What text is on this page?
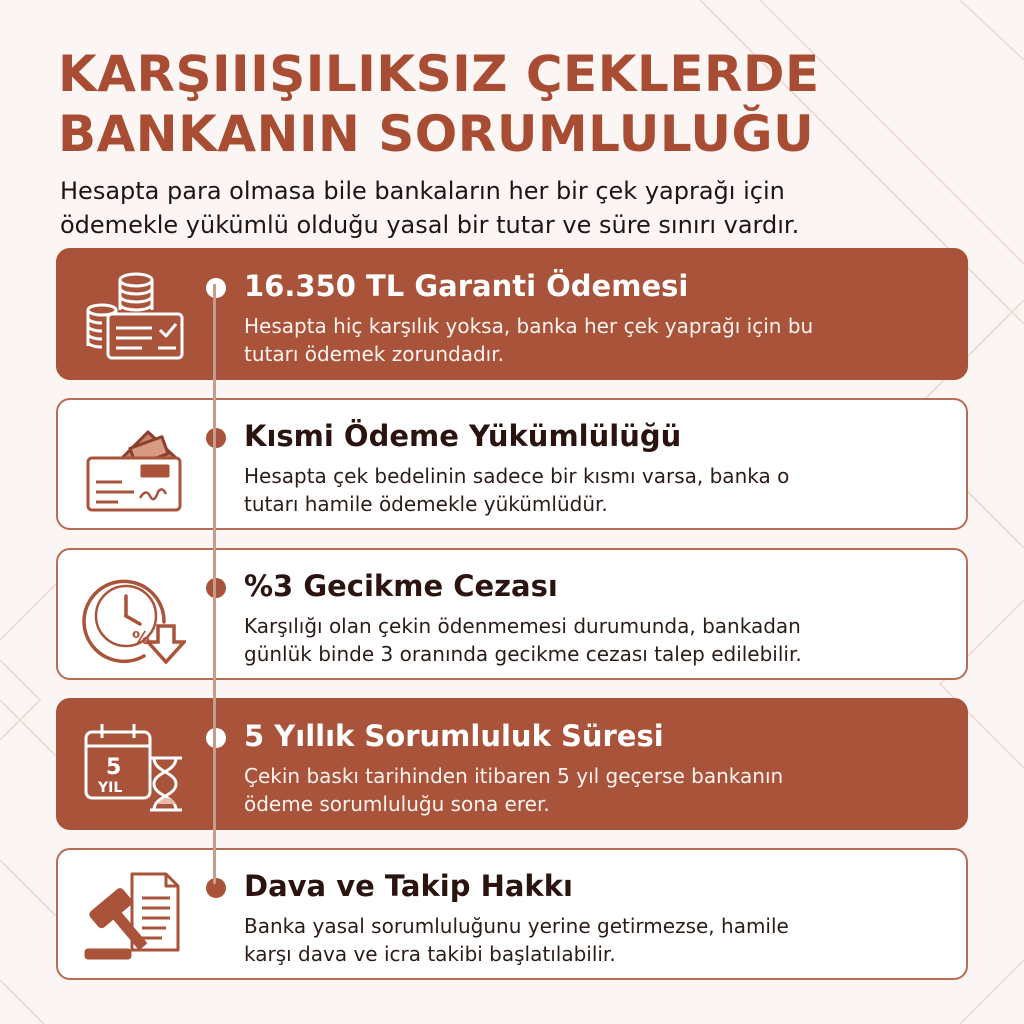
KARŞIIIŞILIKSIZ ÇEKLERDE
BANKANIN SORUMLULUĞU
Hesapta para olmasa bile bankaların her bir çek yaprağı için
ödemekle yükümlü olduğu yasal bir tutar ve süre sınırı vardır.
16.350 TL Garanti Ödemesi
Hesapta hiç karşılık yoksa, banka her çek yaprağı için bu
tutarı ödemek zorundadır.
Kısmi Ödeme Yükümlülüğü
Hesapta çek bedelinin sadece bir kısmı varsa, banka o
tutarı hamile ödemekle yükümlüdür.
%
%3 Gecikme Cezası
Karşılığı olan çekin ödenmemesi durumunda, bankadan
günlük binde 3 oranında gecikme cezası talep edilebilir.
5
YIL
5 Yıllık Sorumluluk Süresi
Çekin baskı tarihinden itibaren 5 yıl geçerse bankanın
ödeme sorumluluğu sona erer.
Dava ve Takip Hakkı
Banka yasal sorumluluğunu yerine getirmezse, hamile
karşı dava ve icra takibi başlatılabilir.
